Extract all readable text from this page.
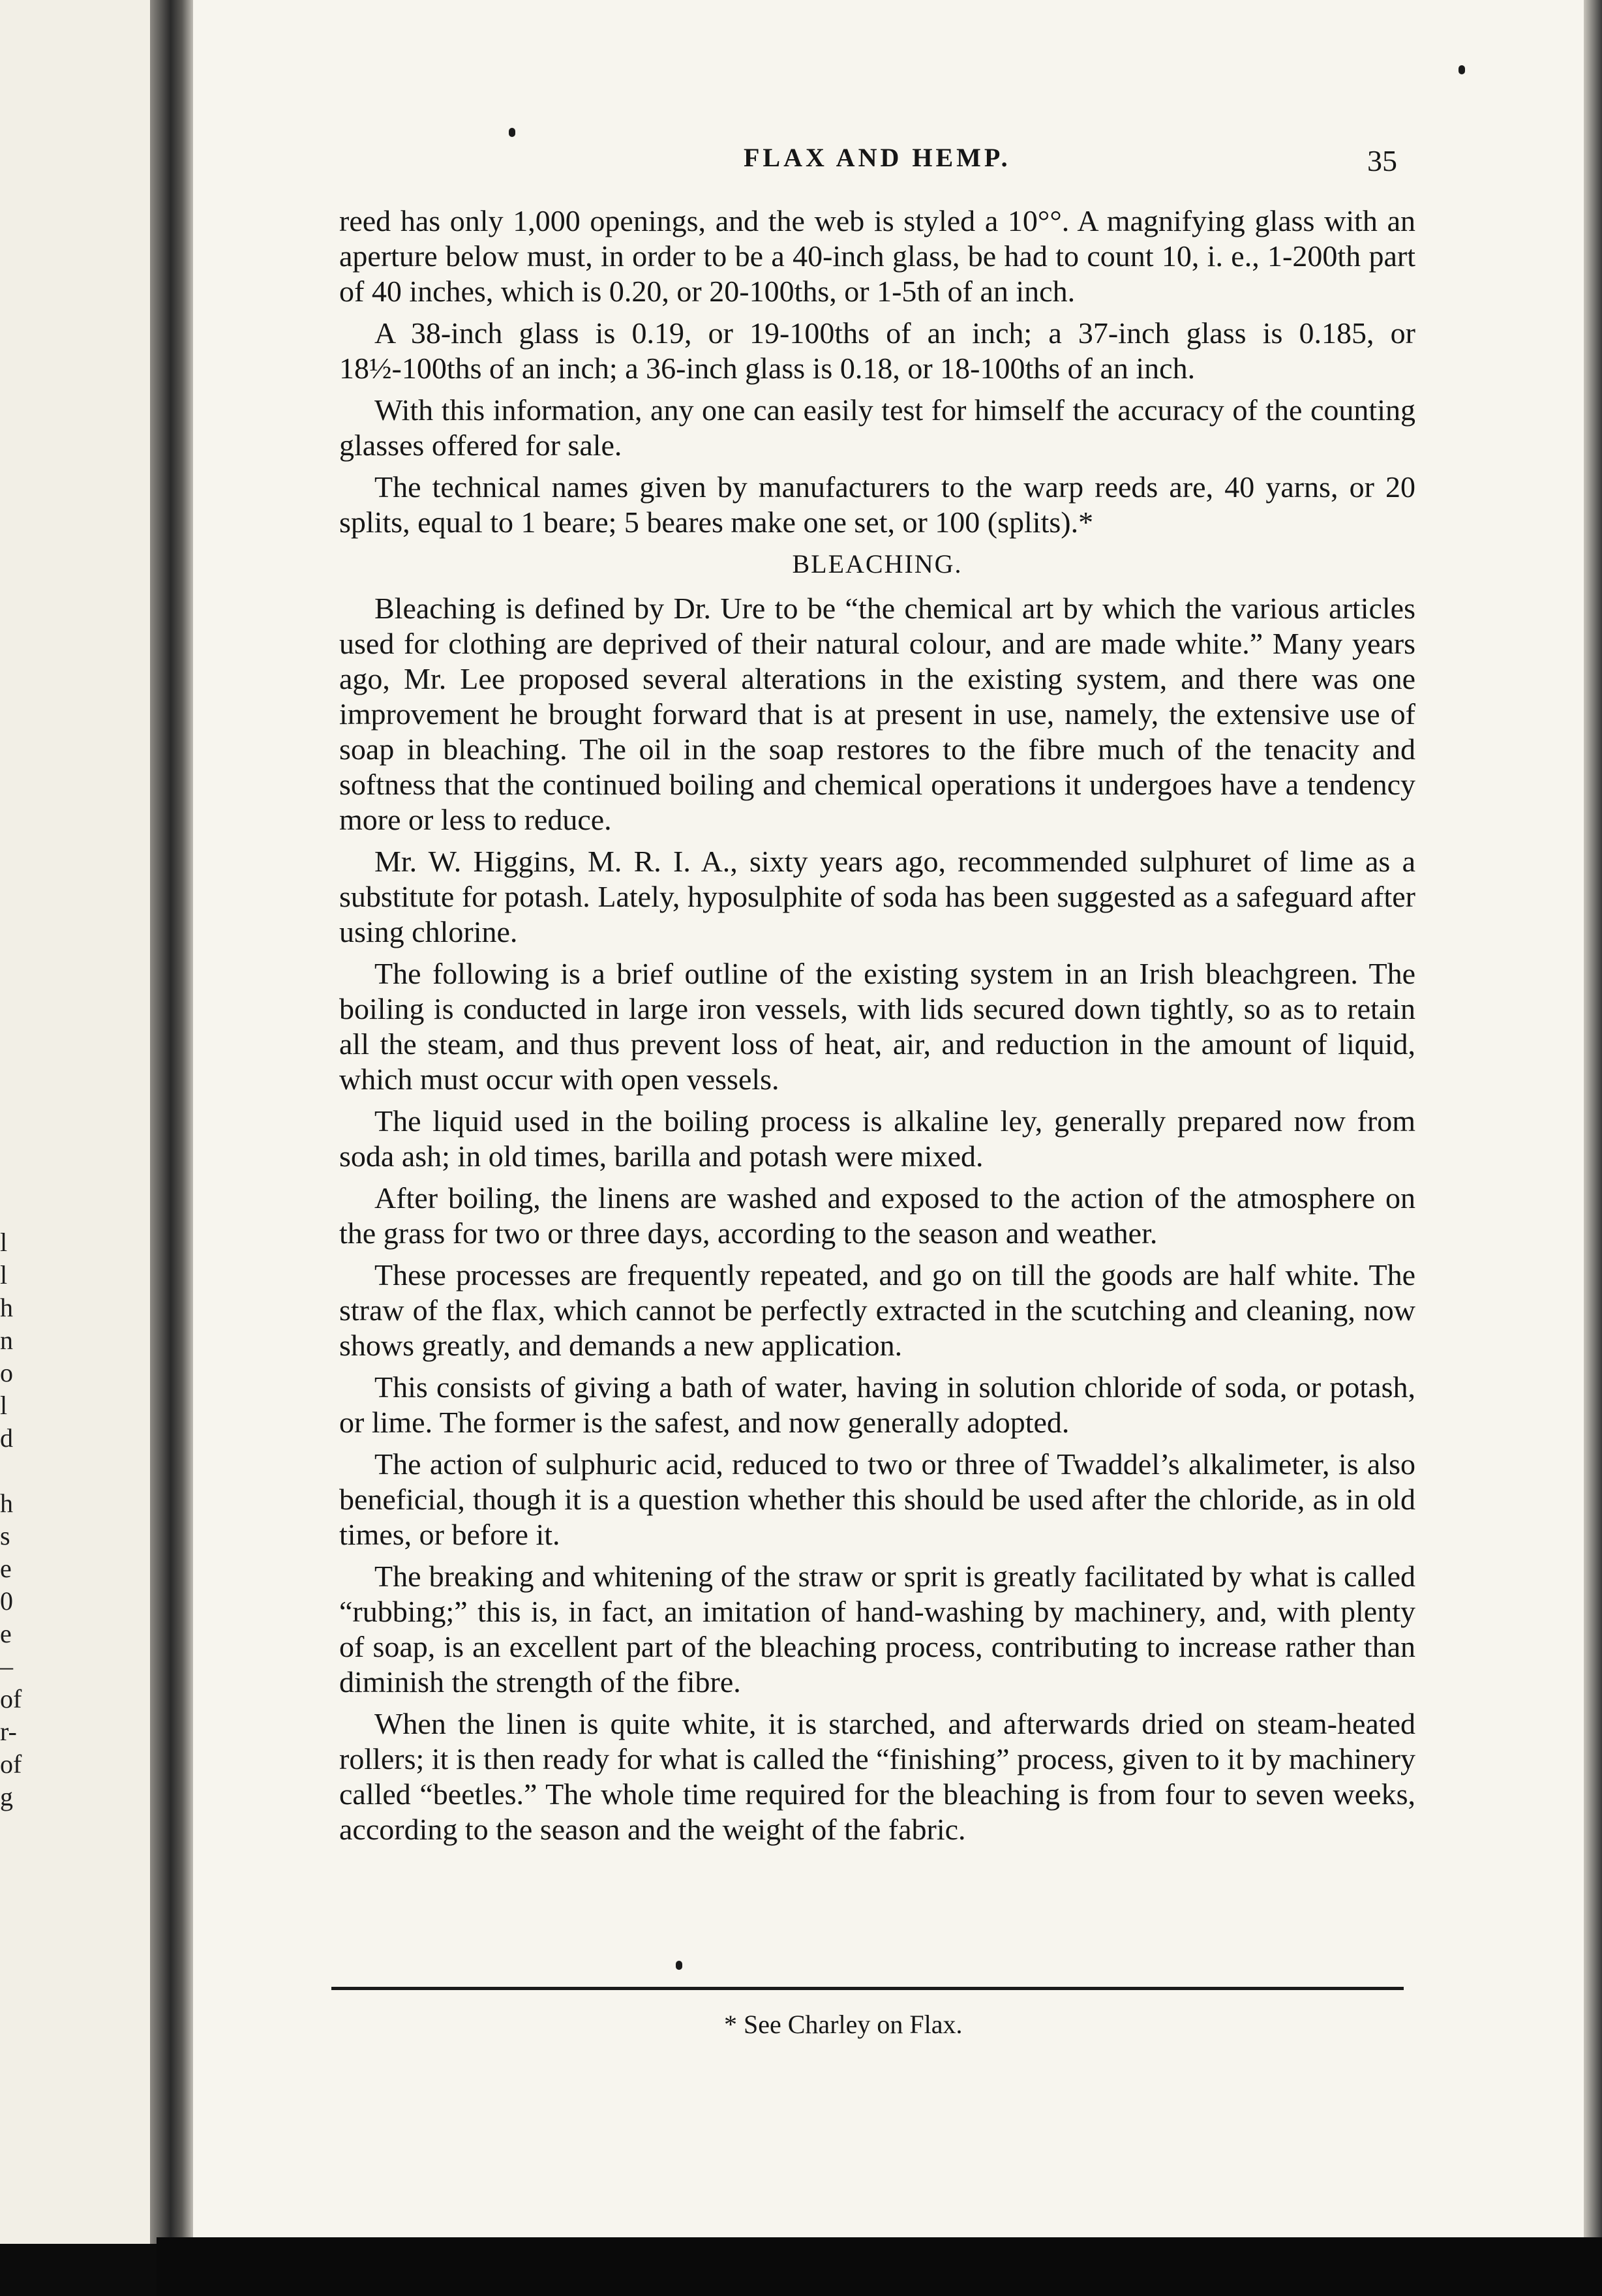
l
l
h
n
o
l
d

h
s
e
0
e
–
of
r-
of
g
FLAX AND HEMP.	35

reed has only 1,000 openings, and the web is styled a 10°°. A magnifying glass with an aperture below must, in order to be a 40-inch glass, be had to count 10, i. e., 1-200th part of 40 inches, which is 0.20, or 20-100ths, or 1-5th of an inch.

A 38-inch glass is 0.19, or 19-100ths of an inch; a 37-inch glass is 0.185, or 18½-100ths of an inch; a 36-inch glass is 0.18, or 18-100ths of an inch.

With this information, any one can easily test for himself the accuracy of the counting glasses offered for sale.

The technical names given by manufacturers to the warp reeds are, 40 yarns, or 20 splits, equal to 1 beare; 5 beares make one set, or 100 (splits).*

BLEACHING.

Bleaching is defined by Dr. Ure to be “the chemical art by which the various articles used for clothing are deprived of their natural colour, and are made white.” Many years ago, Mr. Lee proposed several alterations in the existing system, and there was one improvement he brought forward that is at present in use, namely, the extensive use of soap in bleaching. The oil in the soap restores to the fibre much of the tenacity and softness that the continued boiling and chemical operations it undergoes have a tendency more or less to reduce.

Mr. W. Higgins, M. R. I. A., sixty years ago, recommended sulphuret of lime as a substitute for potash. Lately, hyposulphite of soda has been suggested as a safeguard after using chlorine.

The following is a brief outline of the existing system in an Irish bleachgreen. The boiling is conducted in large iron vessels, with lids secured down tightly, so as to retain all the steam, and thus prevent loss of heat, air, and reduction in the amount of liquid, which must occur with open vessels.

The liquid used in the boiling process is alkaline ley, generally prepared now from soda ash; in old times, barilla and potash were mixed.

After boiling, the linens are washed and exposed to the action of the atmosphere on the grass for two or three days, according to the season and weather.

These processes are frequently repeated, and go on till the goods are half white. The straw of the flax, which cannot be perfectly extracted in the scutching and cleaning, now shows greatly, and demands a new application.

This consists of giving a bath of water, having in solution chloride of soda, or potash, or lime. The former is the safest, and now generally adopted.

The action of sulphuric acid, reduced to two or three of Twaddel’s alkalimeter, is also beneficial, though it is a question whether this should be used after the chloride, as in old times, or before it.

The breaking and whitening of the straw or sprit is greatly facilitated by what is called “rubbing;” this is, in fact, an imitation of hand-washing by machinery, and, with plenty of soap, is an excellent part of the bleaching process, contributing to increase rather than diminish the strength of the fibre.

When the linen is quite white, it is starched, and afterwards dried on steam-heated rollers; it is then ready for what is called the “finishing” process, given to it by machinery called “beetles.” The whole time required for the bleaching is from four to seven weeks, according to the season and the weight of the fabric.

* See Charley on Flax.
